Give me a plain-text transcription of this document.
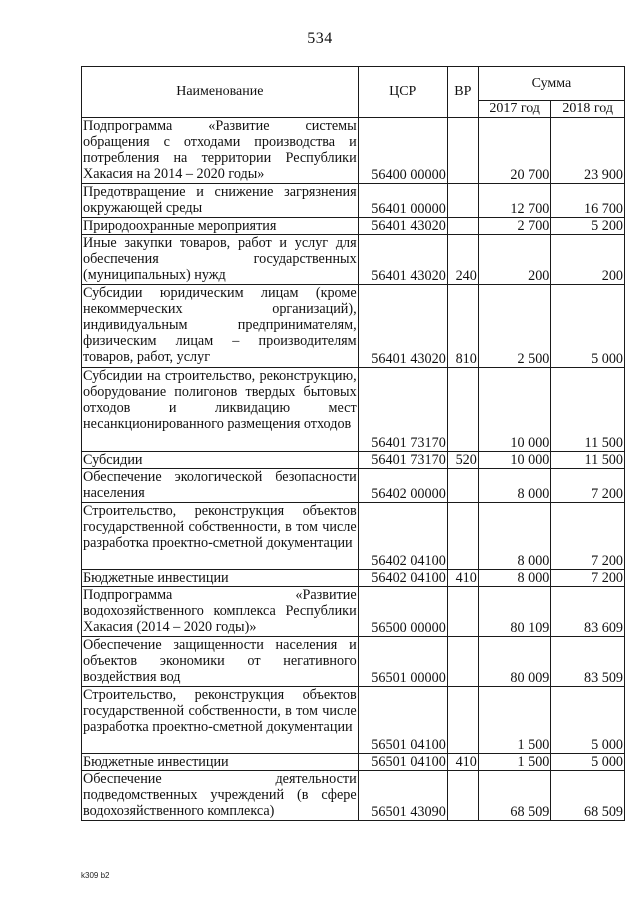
534
Наименование	ЦСР	ВР	Сумма	
			2017 год	2018 год
Подпрограмма «Развитие системы обращения с отходами производства и потребления на территории Республики Хакасия на 2014 – 2020 годы»	56400 00000		20 700	23 900
Предотвращение и снижение загрязнения окружающей среды	56401 00000		12 700	16 700
Природоохранные мероприятия	56401 43020		2 700	5 200
Иные закупки товаров, работ и услуг для обеспечения государственных (муниципальных) нужд	56401 43020	240	200	200
Субсидии юридическим лицам (кроме некоммерческих организаций), индивидуальным предпринимателям, физическим лицам – производителям товаров, работ, услуг	56401 43020	810	2 500	5 000
Субсидии на строительство, реконструкцию, оборудование полигонов твердых бытовых отходов и ликвидацию мест несанкционированного размещения отходов	56401 73170		10 000	11 500
Субсидии	56401 73170	520	10 000	11 500
Обеспечение экологической безопасности населения	56402 00000		8 000	7 200
Строительство, реконструкция объектов государственной собственности, в том числе разработка проектно-сметной документации	56402 04100		8 000	7 200
Бюджетные инвестиции	56402 04100	410	8 000	7 200
Подпрограмма «Развитие водохозяйственного комплекса Республики Хакасия (2014 – 2020 годы)»	56500 00000		80 109	83 609
Обеспечение защищенности населения и объектов экономики от негативного воздействия вод	56501 00000		80 009	83 509
Строительство, реконструкция объектов государственной собственности, в том числе разработка проектно-сметной документации	56501 04100		1 500	5 000
Бюджетные инвестиции	56501 04100	410	1 500	5 000
Обеспечение деятельности подведомственных учреждений (в сфере водохозяйственного комплекса)	56501 43090		68 509	68 509
k309 b2
